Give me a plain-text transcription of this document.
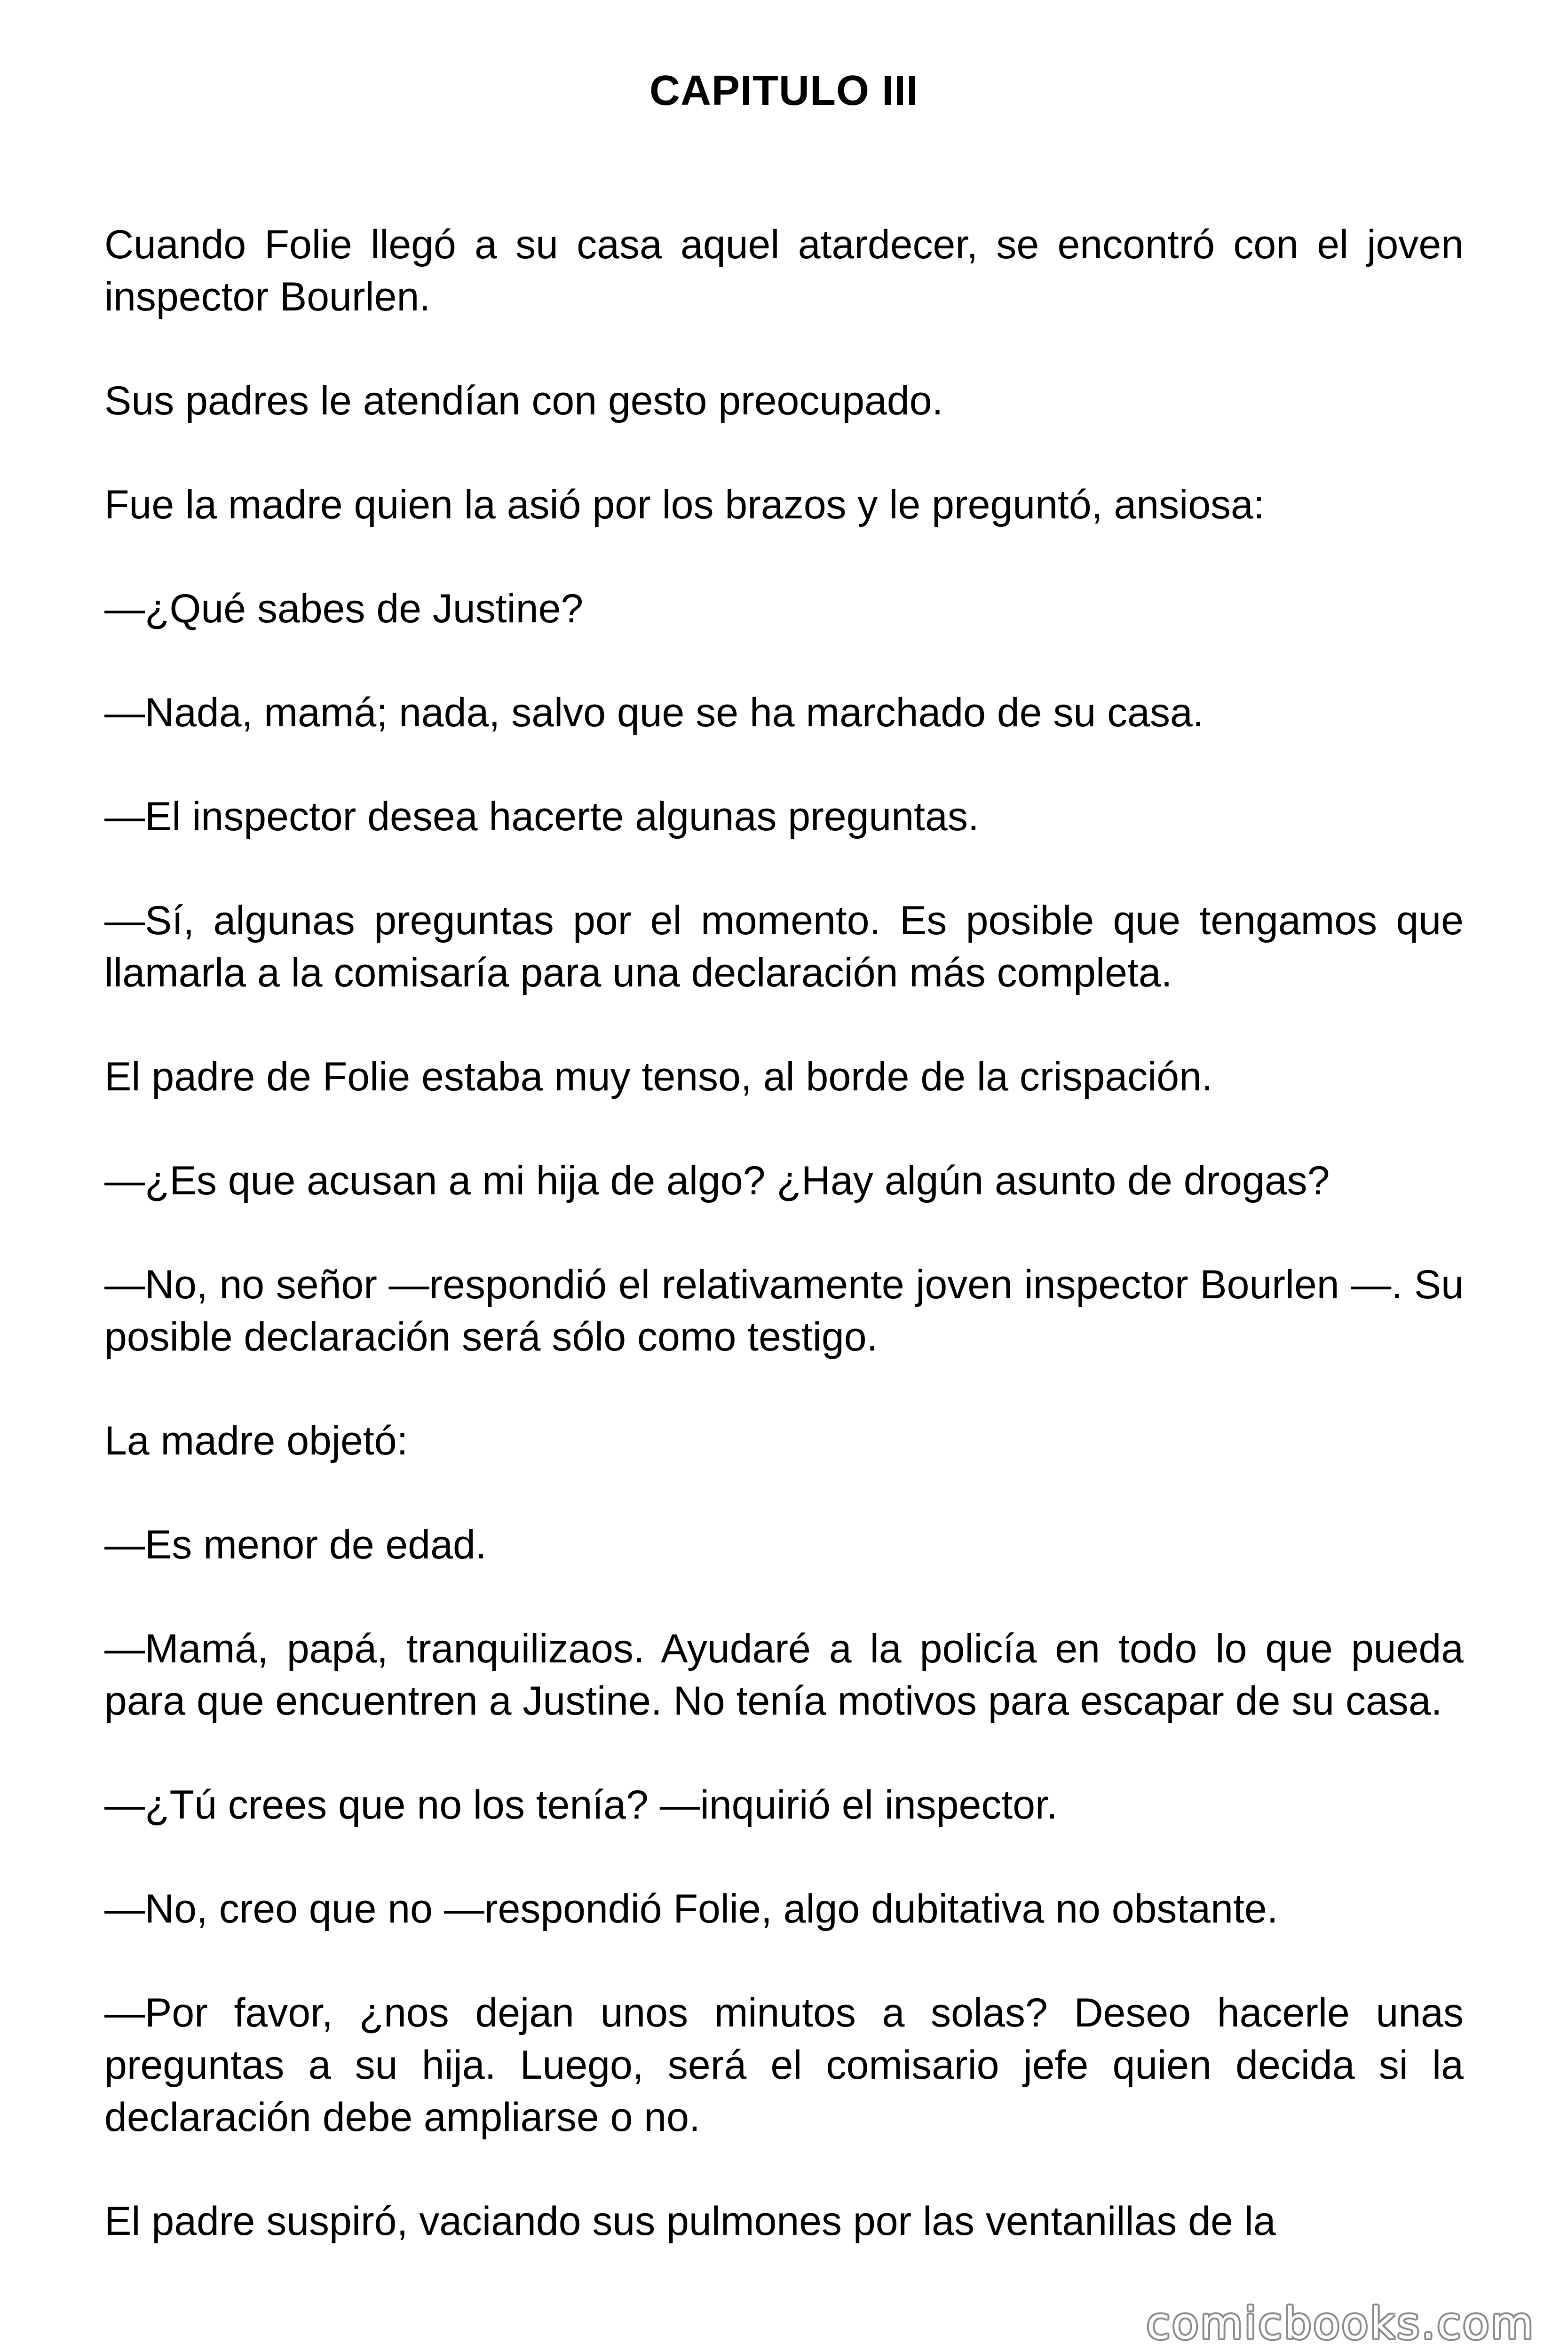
CAPITULO III

Cuando Folie llegó a su casa aquel atardecer, se encontró con el joven inspector Bourlen.

Sus padres le atendían con gesto preocupado.

Fue la madre quien la asió por los brazos y le preguntó, ansiosa:

—¿Qué sabes de Justine?

—Nada, mamá; nada, salvo que se ha marchado de su casa.

—El inspector desea hacerte algunas preguntas.

—Sí, algunas preguntas por el momento. Es posible que tengamos que llamarla a la comisaría para una declaración más completa.

El padre de Folie estaba muy tenso, al borde de la crispación.

—¿Es que acusan a mi hija de algo? ¿Hay algún asunto de drogas?

—No, no señor —respondió el relativamente joven inspector Bourlen —. Su posible declaración será sólo como testigo.

La madre objetó:

—Es menor de edad.

—Mamá, papá, tranquilizaos. Ayudaré a la policía en todo lo que pueda para que encuentren a Justine. No tenía motivos para escapar de su casa.

—¿Tú crees que no los tenía? —inquirió el inspector.

—No, creo que no —respondió Folie, algo dubitativa no obstante.

—Por favor, ¿nos dejan unos minutos a solas? Deseo hacerle unas preguntas a su hija. Luego, será el comisario jefe quien decida si la declaración debe ampliarse o no.

El padre suspiró, vaciando sus pulmones por las ventanillas de la

comicbooks.com
